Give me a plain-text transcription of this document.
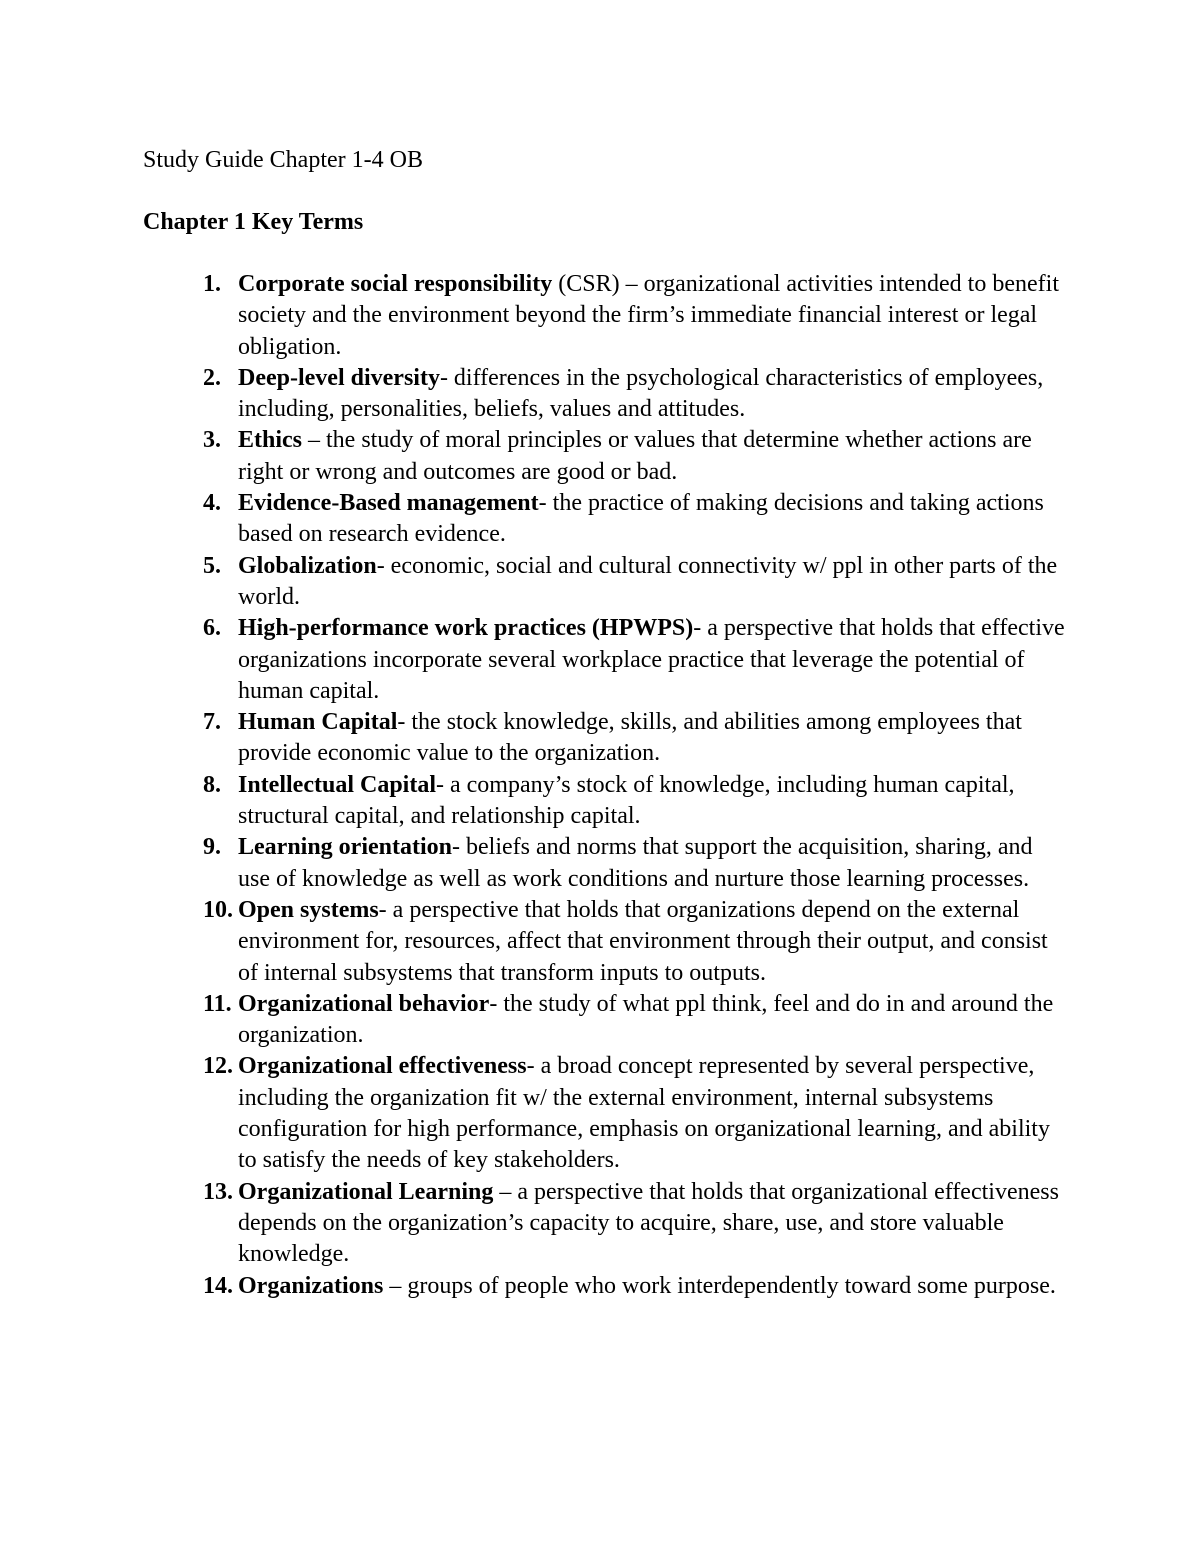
Study Guide Chapter 1-4 OB

Chapter 1 Key Terms

1. Corporate social responsibility (CSR) – organizational activities intended to benefit society and the environment beyond the firm’s immediate financial interest or legal obligation.
2. Deep-level diversity- differences in the psychological characteristics of employees, including, personalities, beliefs, values and attitudes.
3. Ethics – the study of moral principles or values that determine whether actions are right or wrong and outcomes are good or bad.
4. Evidence-Based management- the practice of making decisions and taking actions based on research evidence.
5. Globalization- economic, social and cultural connectivity w/ ppl in other parts of the world.
6. High-performance work practices (HPWPS)- a perspective that holds that effective organizations incorporate several workplace practice that leverage the potential of human capital.
7. Human Capital- the stock knowledge, skills, and abilities among employees that provide economic value to the organization.
8. Intellectual Capital- a company’s stock of knowledge, including human capital, structural capital, and relationship capital.
9. Learning orientation- beliefs and norms that support the acquisition, sharing, and use of knowledge as well as work conditions and nurture those learning processes.
10. Open systems- a perspective that holds that organizations depend on the external environment for, resources, affect that environment through their output, and consist of internal subsystems that transform inputs to outputs.
11. Organizational behavior- the study of what ppl think, feel and do in and around the organization.
12. Organizational effectiveness- a broad concept represented by several perspective, including the organization fit w/ the external environment, internal subsystems configuration for high performance, emphasis on organizational learning, and ability to satisfy the needs of key stakeholders.
13. Organizational Learning – a perspective that holds that organizational effectiveness depends on the organization’s capacity to acquire, share, use, and store valuable knowledge.
14. Organizations – groups of people who work interdependently toward some purpose.
